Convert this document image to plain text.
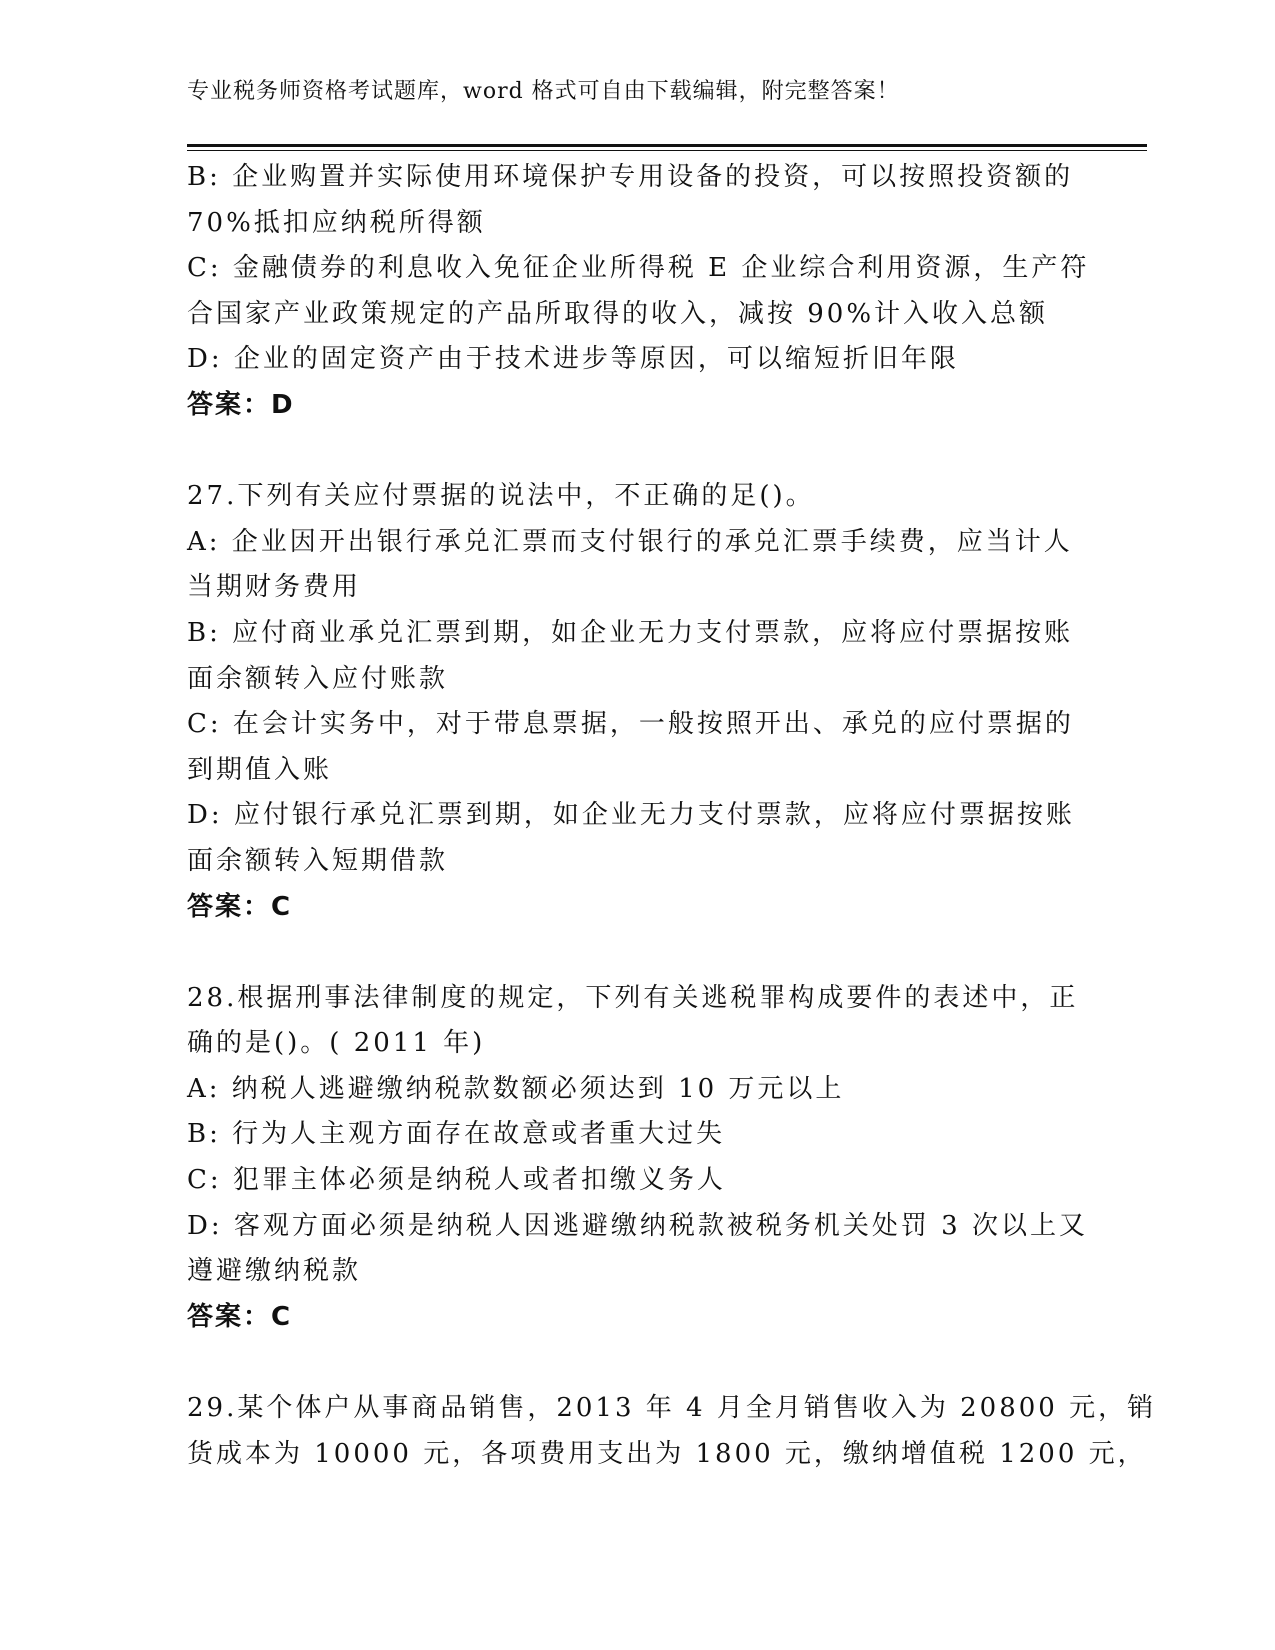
专业税务师资格考试题库，word 格式可自由下载编辑，附完整答案！
B: 企业购置并实际使用环境保护专用设备的投资，可以按照投资额的
70%抵扣应纳税所得额
C: 金融债券的利息收入免征企业所得税 E 企业综合利用资源，生产符
合国家产业政策规定的产品所取得的收入，减按 90%计入收入总额
D: 企业的固定资产由于技术进步等原因，可以缩短折旧年限
答案：D
27.下列有关应付票据的说法中，不正确的足()。
A: 企业因开出银行承兑汇票而支付银行的承兑汇票手续费，应当计人
当期财务费用
B: 应付商业承兑汇票到期，如企业无力支付票款，应将应付票据按账
面余额转入应付账款
C: 在会计实务中，对于带息票据，一般按照开出、承兑的应付票据的
到期值入账
D: 应付银行承兑汇票到期，如企业无力支付票款，应将应付票据按账
面余额转入短期借款
答案：C
28.根据刑事法律制度的规定，下列有关逃税罪构成要件的表述中，正
确的是()。( 2011 年)
A: 纳税人逃避缴纳税款数额必须达到 10 万元以上
B: 行为人主观方面存在故意或者重大过失
C: 犯罪主体必须是纳税人或者扣缴义务人
D: 客观方面必须是纳税人因逃避缴纳税款被税务机关处罚 3 次以上又
遵避缴纳税款
答案：C
29.某个体户从事商品销售，2013 年 4 月全月销售收入为 20800 元，销
货成本为 10000 元，各项费用支出为 1800 元，缴纳增值税 1200 元，
